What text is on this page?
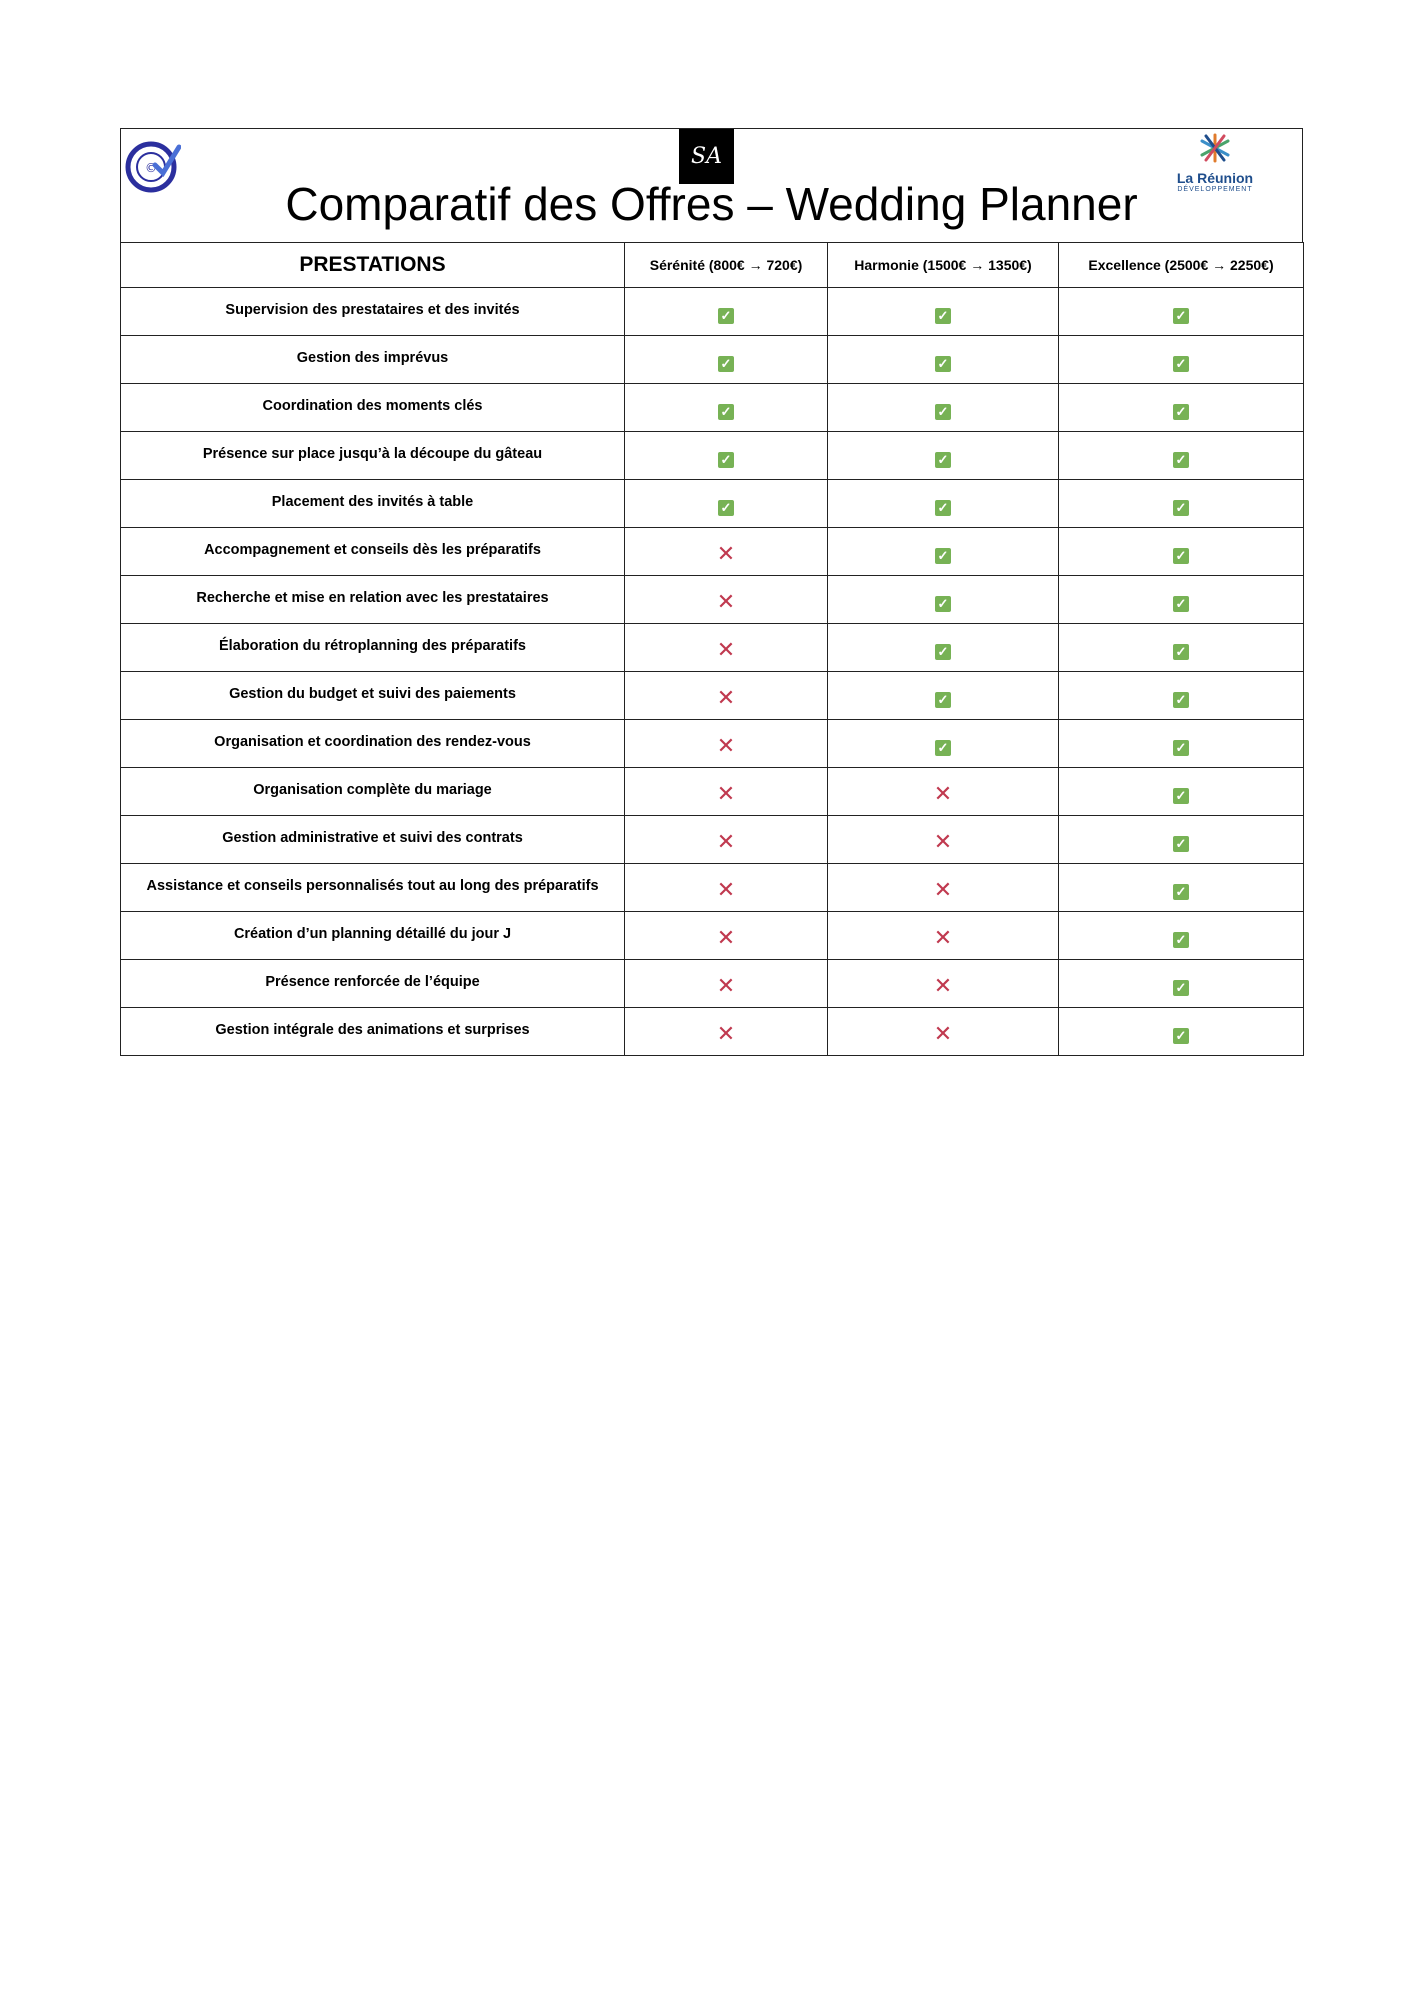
©	SA
La Réunion
DÉVELOPPEMENT
Comparatif des Offres – Wedding Planner
PRESTATIONS	Sérénité (800€ → 720€)	Harmonie (1500€ → 1350€)	Excellence (2500€ → 2250€)
Supervision des prestataires et des invités	✓	✓	✓
Gestion des imprévus	✓	✓	✓
Coordination des moments clés	✓	✓	✓
Présence sur place jusqu’à la découpe du gâteau	✓	✓	✓
Placement des invités à table	✓	✓	✓
Accompagnement et conseils dès les préparatifs	✕	✓	✓
Recherche et mise en relation avec les prestataires	✕	✓	✓
Élaboration du rétroplanning des préparatifs	✕	✓	✓
Gestion du budget et suivi des paiements	✕	✓	✓
Organisation et coordination des rendez-vous	✕	✓	✓
Organisation complète du mariage	✕	✕	✓
Gestion administrative et suivi des contrats	✕	✕	✓
Assistance et conseils personnalisés tout au long des préparatifs	✕	✕	✓
Création d’un planning détaillé du jour J	✕	✕	✓
Présence renforcée de l’équipe	✕	✕	✓
Gestion intégrale des animations et surprises	✕	✕	✓
